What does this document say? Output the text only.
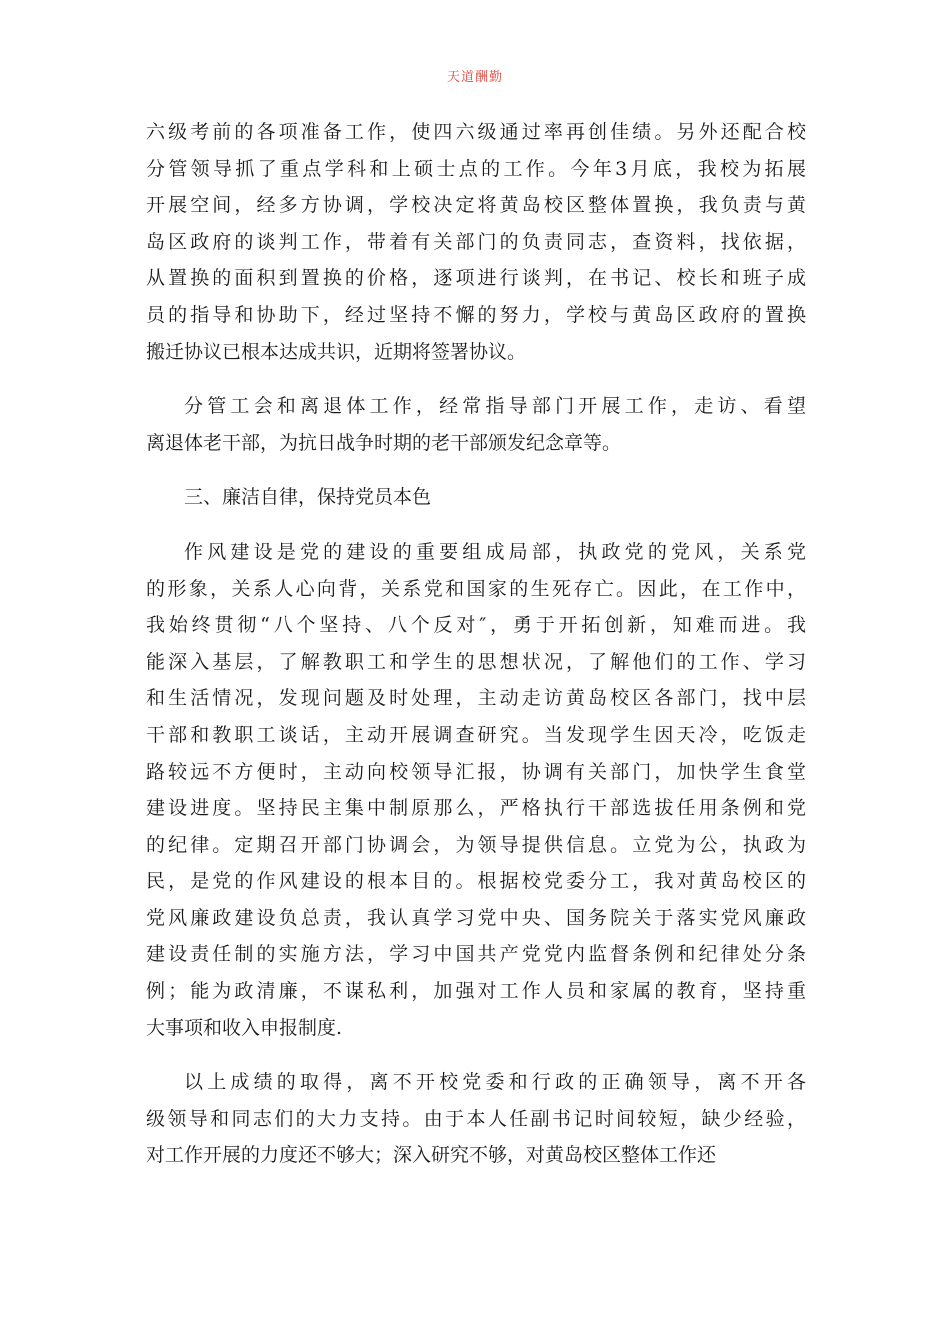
天道酬勤
六级考前的各项准备工作，使四六级通过率再创佳绩。另外还配合校
分管领导抓了重点学科和上硕士点的工作。今年3月底，我校为拓展
开展空间，经多方协调，学校决定将黄岛校区整体置换，我负责与黄
岛区政府的谈判工作，带着有关部门的负责同志，查资料，找依据，
从置换的面积到置换的价格，逐项进行谈判，在书记、校长和班子成
员的指导和协助下，经过坚持不懈的努力，学校与黄岛区政府的置换
搬迁协议已根本达成共识，近期将签署协议。
分管工会和离退体工作，经常指导部门开展工作，走访、看望
离退体老干部，为抗日战争时期的老干部颁发纪念章等。
三、廉洁自律，保持党员本色
作风建设是党的建设的重要组成局部，执政党的党风，关系党
的形象，关系人心向背，关系党和国家的生死存亡。因此，在工作中，
我始终贯彻“八个坚持、八个反对″，勇于开拓创新，知难而进。我
能深入基层，了解教职工和学生的思想状况，了解他们的工作、学习
和生活情况，发现问题及时处理，主动走访黄岛校区各部门，找中层
干部和教职工谈话，主动开展调查研究。当发现学生因天冷，吃饭走
路较远不方便时，主动向校领导汇报，协调有关部门，加快学生食堂
建设进度。坚持民主集中制原那么，严格执行干部选拔任用条例和党
的纪律。定期召开部门协调会，为领导提供信息。立党为公，执政为
民，是党的作风建设的根本目的。根据校党委分工，我对黄岛校区的
党风廉政建设负总责，我认真学习党中央、国务院关于落实党风廉政
建设责任制的实施方法，学习中国共产党党内监督条例和纪律处分条
例；能为政清廉，不谋私利，加强对工作人员和家属的教育，坚持重
大事项和收入申报制度.
以上成绩的取得，离不开校党委和行政的正确领导，离不开各
级领导和同志们的大力支持。由于本人任副书记时间较短，缺少经验，
对工作开展的力度还不够大；深入研究不够，对黄岛校区整体工作还
